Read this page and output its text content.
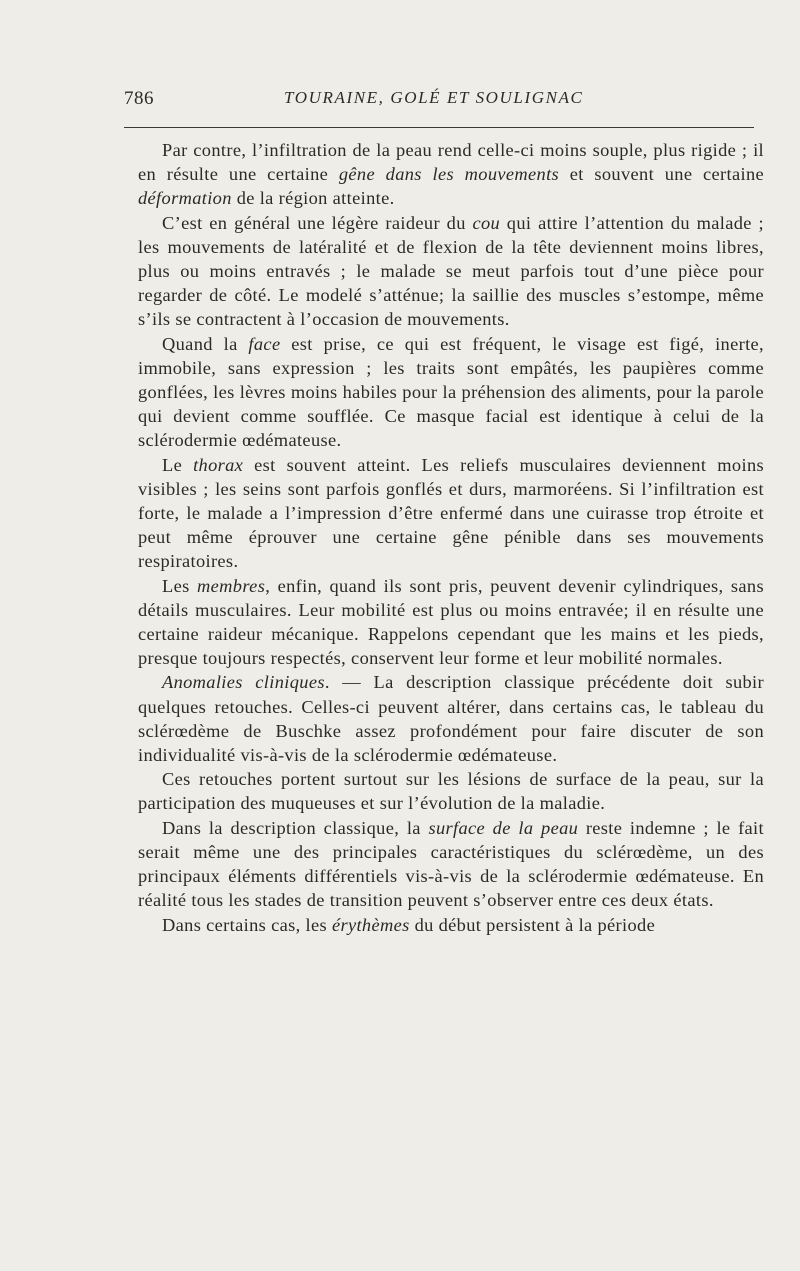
786	TOURAINE, GOLÉ ET SOULIGNAC

Par contre, l’infiltration de la peau rend celle-ci moins souple, plus rigide ; il en résulte une certaine gêne dans les mouvements et souvent une certaine déformation de la région atteinte.

C’est en général une légère raideur du cou qui attire l’attention du malade ; les mouvements de latéralité et de flexion de la tête deviennent moins libres, plus ou moins entravés ; le malade se meut parfois tout d’une pièce pour regarder de côté. Le modelé s’atténue; la saillie des muscles s’estompe, même s’ils se contractent à l’occasion de mouvements.

Quand la face est prise, ce qui est fréquent, le visage est figé, inerte, immobile, sans expression ; les traits sont empâtés, les paupières comme gonflées, les lèvres moins habiles pour la préhension des aliments, pour la parole qui devient comme soufflée. Ce masque facial est identique à celui de la sclérodermie œdémateuse.

Le thorax est souvent atteint. Les reliefs musculaires deviennent moins visibles ; les seins sont parfois gonflés et durs, marmoréens. Si l’infiltration est forte, le malade a l’impression d’être enfermé dans une cuirasse trop étroite et peut même éprouver une certaine gêne pénible dans ses mouvements respiratoires.

Les membres, enfin, quand ils sont pris, peuvent devenir cylindriques, sans détails musculaires. Leur mobilité est plus ou moins entravée; il en résulte une certaine raideur mécanique. Rappelons cependant que les mains et les pieds, presque toujours respectés, conservent leur forme et leur mobilité normales.

Anomalies cliniques. — La description classique précédente doit subir quelques retouches. Celles-ci peuvent altérer, dans certains cas, le tableau du sclérœdème de Buschke assez profondément pour faire discuter de son individualité vis-à-vis de la sclérodermie œdémateuse.

Ces retouches portent surtout sur les lésions de surface de la peau, sur la participation des muqueuses et sur l’évolution de la maladie.

Dans la description classique, la surface de la peau reste indemne ; le fait serait même une des principales caractéristiques du sclérœdème, un des principaux éléments différentiels vis-à-vis de la sclérodermie œdémateuse. En réalité tous les stades de transition peuvent s’observer entre ces deux états.

Dans certains cas, les érythèmes du début persistent à la période
